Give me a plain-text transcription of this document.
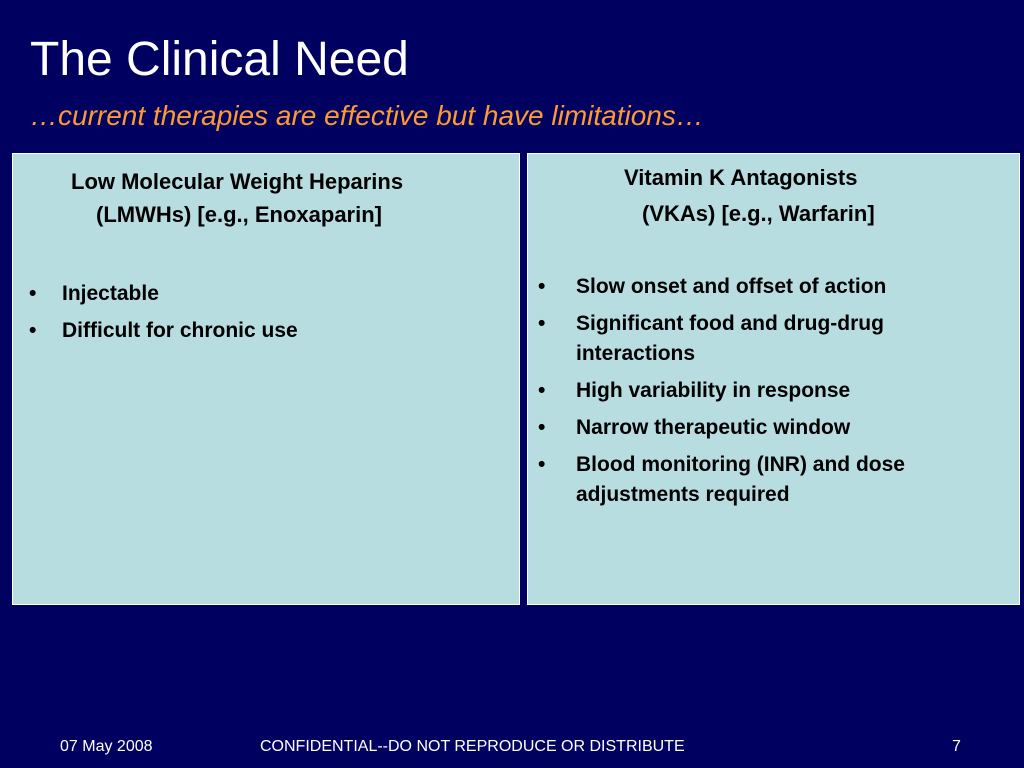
The Clinical Need

…current therapies are effective but have limitations…

Low Molecular Weight Heparins
(LMWHs) [e.g., Enoxaparin]
•	Injectable
•	Difficult for chronic use
Vitamin K Antagonists
(VKAs) [e.g., Warfarin]
•	Slow onset and offset of action
•	Significant food and drug-drug interactions
•	High variability in response
•	Narrow therapeutic window
•	Blood monitoring (INR) and dose adjustments required
07 May 2008	CONFIDENTIAL--DO NOT REPRODUCE OR DISTRIBUTE	7
